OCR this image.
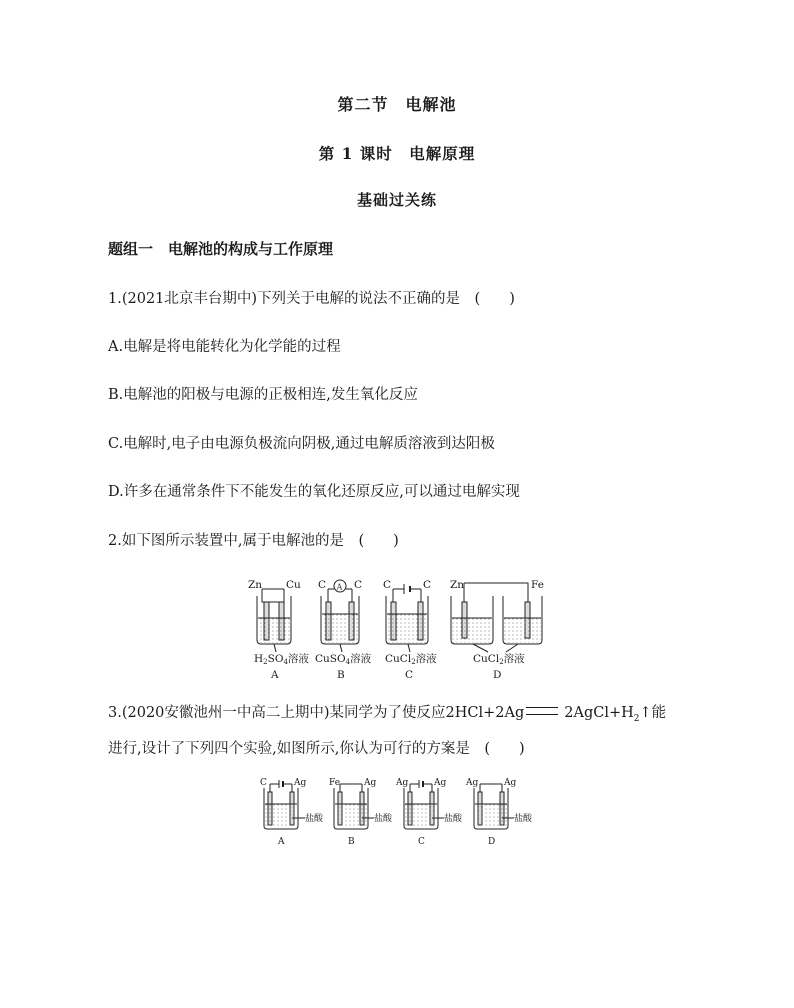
第二节　电解池
第 1 课时　电解原理
基础过关练
题组一　电解池的构成与工作原理
1.(2021北京丰台期中)下列关于电解的说法不正确的是　(　　)
A.电解是将电能转化为化学能的过程
B.电解池的阳极与电源的正极相连,发生氧化反应
C.电解时,电子由电源负极流向阴极,通过电解质溶液到达阳极
D.许多在通常条件下不能发生的氧化还原反应,可以通过电解实现
2.如下图所示装置中,属于电解池的是　(　　)
Zn Cu
H2SO4溶液
A
C A C
CuSO4溶液
B
C	C
CuCl2溶液
C
Zn	Fe
CuCl2溶液
D
3.(2020安徽池州一中高二上期中)某同学为了使反应2HCl+2Ag	$2AgCl+H_2↑$能
进行,设计了下列四个实验,如图所示,你认为可行的方案是　(　　)
C	Ag
盐酸
A
Fe	Ag
盐酸
B
Ag	Ag
盐酸
C
Ag	Ag
盐酸
D
